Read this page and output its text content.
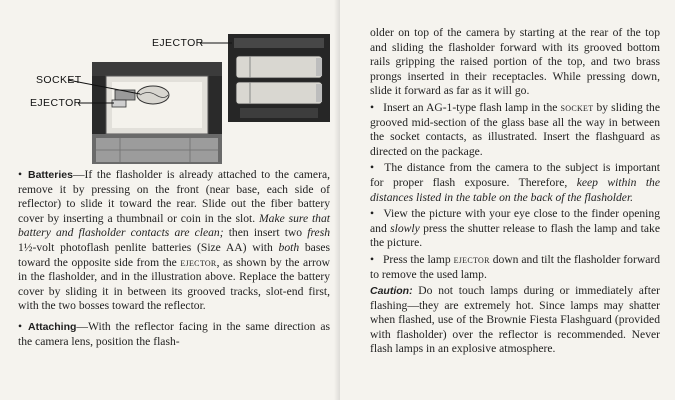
EJECTOR
SOCKET
EJECTOR

• Batteries—If the flasholder is already attached to the camera, remove it by pressing on the front (near base, each side of reflector) to slide it toward the rear. Slide out the fiber battery cover by inserting a thumbnail or coin in the slot. Make sure that battery and flasholder contacts are clean; then insert two fresh 1½-volt photoflash penlite batteries (Size AA) with both bases toward the opposite side from the ejector, as shown by the arrow in the flasholder, and in the illustration above. Replace the battery cover by sliding it in between its grooved tracks, slot-end first, with the two bosses toward the reflector.

• Attaching—With the reflector facing in the same direction as the camera lens, position the flash-

older on top of the camera by starting at the rear of the top and sliding the flasholder forward with its grooved bottom rails gripping the raised portion of the top, and two brass prongs inserted in their receptacles. While pressing down, slide it forward as far as it will go.

• Insert an AG-1-type flash lamp in the socket by sliding the grooved mid-section of the glass base all the way in between the socket contacts, as illustrated. Insert the flashguard as directed on the package.

• The distance from the camera to the subject is important for proper flash exposure. Therefore, keep within the distances listed in the table on the back of the flasholder.

• View the picture with your eye close to the finder opening and slowly press the shutter release to flash the lamp and take the picture.

• Press the lamp ejector down and tilt the flasholder forward to remove the used lamp.

Caution: Do not touch lamps during or immediately after flashing—they are extremely hot. Since lamps may shatter when flashed, use of the Brownie Fiesta Flashguard (provided with flasholder) over the reflector is recommended. Never flash lamps in an explosive atmosphere.
